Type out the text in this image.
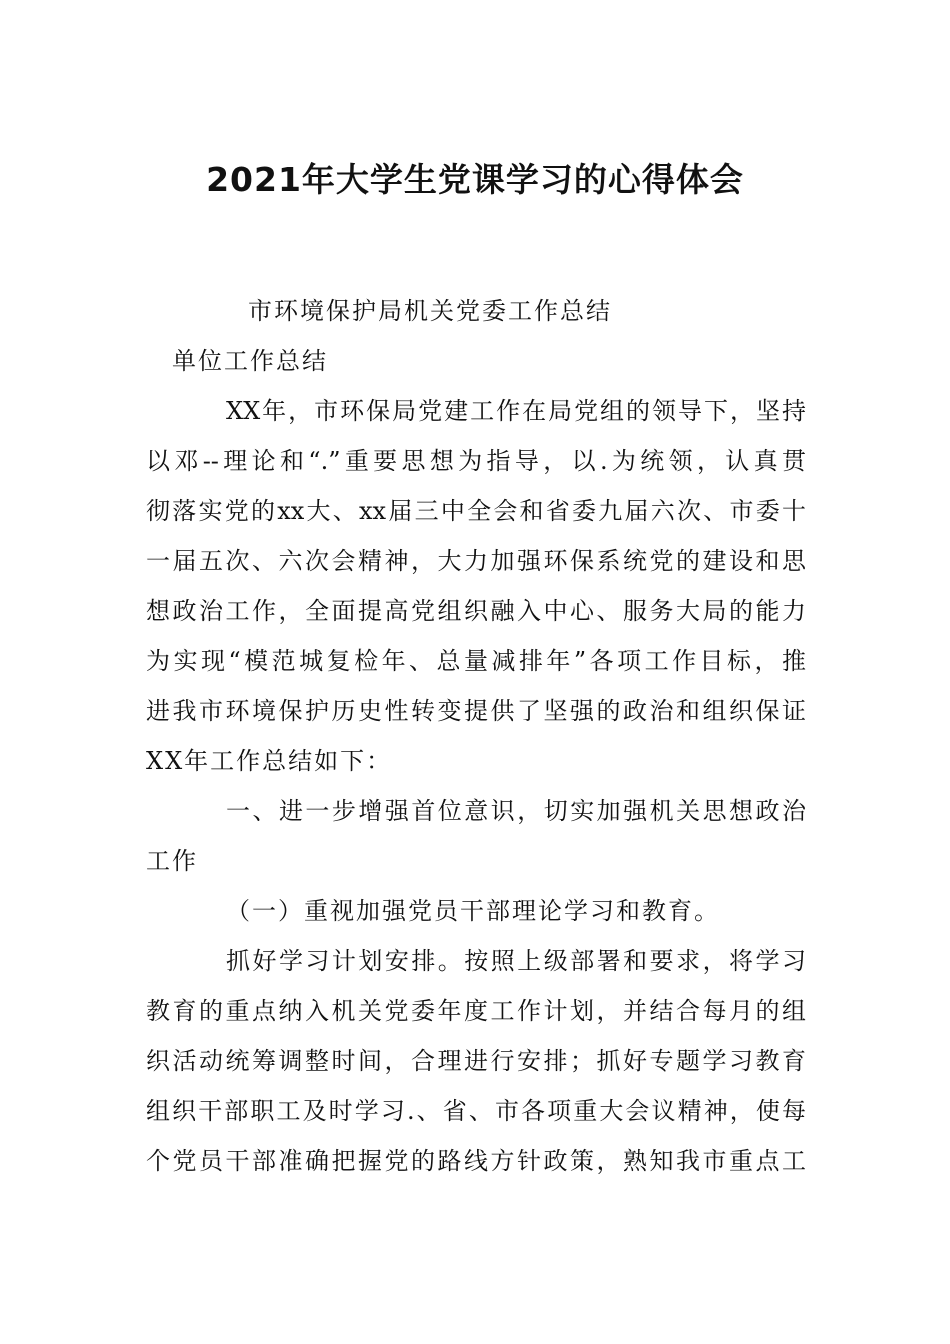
2021年大学生党课学习的心得体会

市环境保护局机关党委工作总结

单位工作总结

XX年，市环保局党建工作在局党组的领导下，坚持

以邓--理论和“.”重要思想为指导，以.为统领，认真贯

彻落实党的xx大、xx届三中全会和省委九届六次、市委十

一届五次、六次会精神，大力加强环保系统党的建设和思

想政治工作，全面提高党组织融入中心、服务大局的能力

为实现“模范城复检年、总量减排年”各项工作目标，推

进我市环境保护历史性转变提供了坚强的政治和组织保证

XX年工作总结如下：

一、进一步增强首位意识，切实加强机关思想政治

工作

（一）重视加强党员干部理论学习和教育。

抓好学习计划安排。按照上级部署和要求，将学习

教育的重点纳入机关党委年度工作计划，并结合每月的组

织活动统筹调整时间，合理进行安排；抓好专题学习教育

组织干部职工及时学习.、省、市各项重大会议精神，使每

个党员干部准确把握党的路线方针政策，熟知我市重点工
